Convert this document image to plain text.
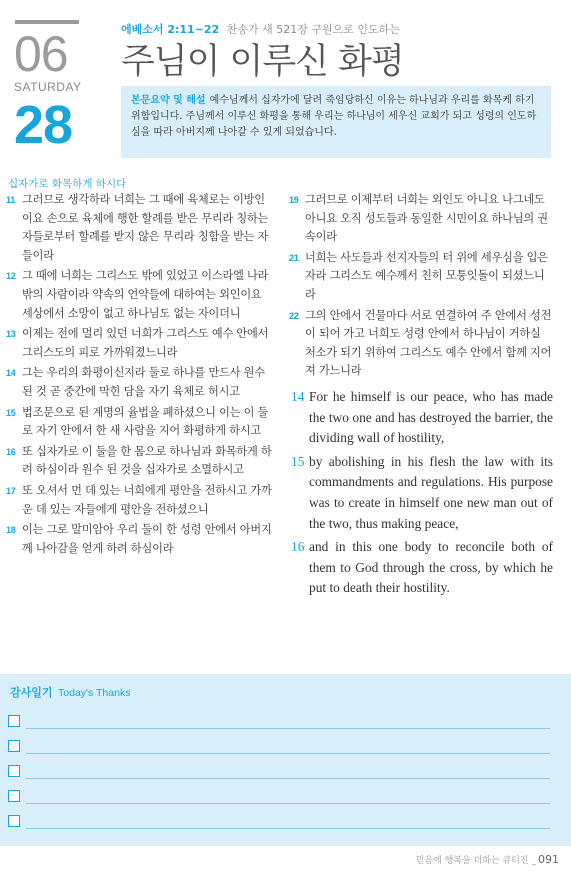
06
SATURDAY
28
에베소서 2:11~22 찬송가 새 521장 구원으로 인도하는
주님이 이루신 화평
본문요약 및 해설 예수님께서 십자가에 달려 죽임당하신 이유는 하나님과 우리를 화목케 하기 위함입니다. 주님께서 이루신 화평을 통해 우리는 하나님이 세우신 교회가 되고 성령의 인도하심을 따라 아버지께 나아갈 수 있게 되었습니다.
십자가로 화목하게 하시다
11 그러므로 생각하라 너희는 그 때에 육체로는 이방인이요 손으로 육체에 행한 할례를 받은 무리라 칭하는 자들로부터 할례를 받지 않은 무리라 칭함을 받는 자들이라
12 그 때에 너희는 그리스도 밖에 있었고 이스라엘 나라 밖의 사람이라 약속의 언약들에 대하여는 외인이요 세상에서 소망이 없고 하나님도 없는 자이더니
13 이제는 전에 멀리 있던 너희가 그리스도 예수 안에서 그리스도의 피로 가까워졌느니라
14 그는 우리의 화평이신지라 둘로 하나를 만드사 원수 된 것 곧 중간에 막힌 담을 자기 육체로 허시고
15 법조문으로 된 계명의 율법을 폐하셨으니 이는 이 둘로 자기 안에서 한 새 사람을 지어 화평하게 하시고
16 또 십자가로 이 둘을 한 몸으로 하나님과 화목하게 하려 하심이라 원수 된 것을 십자가로 소멸하시고
17 또 오셔서 먼 데 있는 너희에게 평안을 전하시고 가까운 데 있는 자들에게 평안을 전하셨으니
18 이는 그로 말미암아 우리 둘이 한 성령 안에서 아버지께 나아감을 얻게 하려 하심이라
19 그러므로 이제부터 너희는 외인도 아니요 나그네도 아니요 오직 성도들과 동일한 시민이요 하나님의 권속이라
21 너희는 사도들과 선지자들의 터 위에 세우심을 입은 자라 그리스도 예수께서 친히 모퉁잇돌이 되셨느니라
22 그의 안에서 건물마다 서로 연결하여 주 안에서 성전이 되어 가고 너희도 성령 안에서 하나님이 거하실 처소가 되기 위하여 그리스도 예수 안에서 함께 지어져 가느니라
14 For he himself is our peace, who has made the two one and has destroyed the barrier, the dividing wall of hostility,
15 by abolishing in his flesh the law with its commandments and regulations. His purpose was to create in himself one new man out of the two, thus making peace,
16 and in this one body to reconcile both of them to God through the cross, by which he put to death their hostility.
감사일기 Today's Thanks
믿음에 행복을 더하는 큐티진 _ 091
